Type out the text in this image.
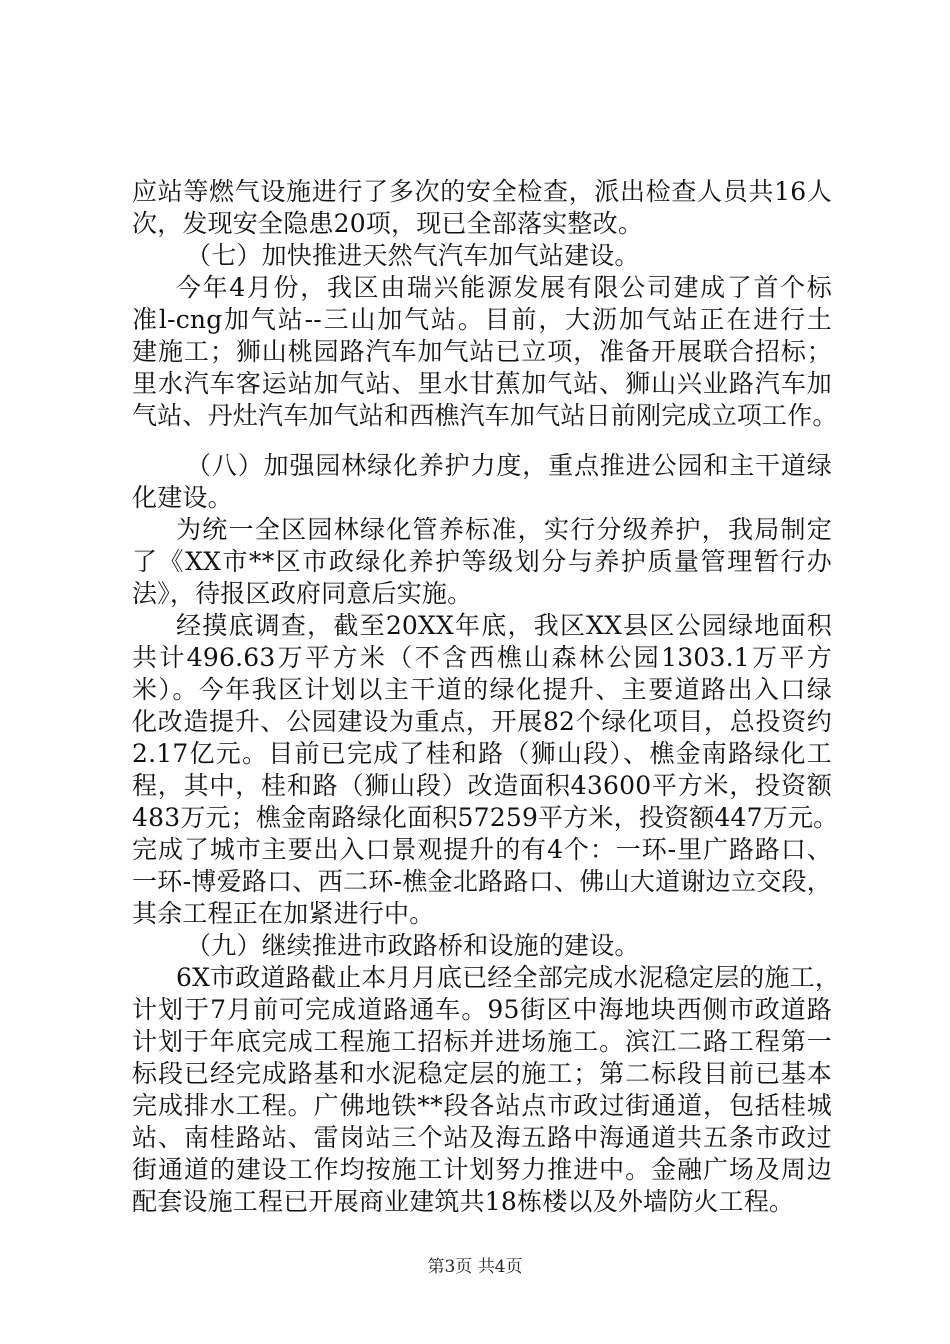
应站等燃气设施进行了多次的安全检查，派出检查人员共16人
次，发现安全隐患20项，现已全部落实整改。
（七）加快推进天然气汽车加气站建设。
今年4月份，我区由瑞兴能源发展有限公司建成了首个标
准l-cng加气站--三山加气站。目前，大沥加气站正在进行土
建施工；狮山桃园路汽车加气站已立项，准备开展联合招标；
里水汽车客运站加气站、里水甘蕉加气站、狮山兴业路汽车加
气站、丹灶汽车加气站和西樵汽车加气站日前刚完成立项工作。
（八）加强园林绿化养护力度，重点推进公园和主干道绿
化建设。
为统一全区园林绿化管养标准，实行分级养护，我局制定
了《XX市**区市政绿化养护等级划分与养护质量管理暂行办
法》，待报区政府同意后实施。
经摸底调查，截至20XX年底，我区XX县区公园绿地面积
共计496.63万平方米（不含西樵山森林公园1303.1万平方
米）。今年我区计划以主干道的绿化提升、主要道路出入口绿
化改造提升、公园建设为重点，开展82个绿化项目，总投资约
2.17亿元。目前已完成了桂和路（狮山段）、樵金南路绿化工
程，其中，桂和路（狮山段）改造面积43600平方米，投资额
483万元；樵金南路绿化面积57259平方米，投资额447万元。
完成了城市主要出入口景观提升的有4个：一环-里广路路口、
一环-博爱路口、西二环-樵金北路路口、佛山大道谢边立交段，
其余工程正在加紧进行中。
（九）继续推进市政路桥和设施的建设。
6X市政道路截止本月月底已经全部完成水泥稳定层的施工，
计划于7月前可完成道路通车。95街区中海地块西侧市政道路
计划于年底完成工程施工招标并进场施工。滨江二路工程第一
标段已经完成路基和水泥稳定层的施工；第二标段目前已基本
完成排水工程。广佛地铁**段各站点市政过街通道，包括桂城
站、南桂路站、雷岗站三个站及海五路中海通道共五条市政过
街通道的建设工作均按施工计划努力推进中。金融广场及周边
配套设施工程已开展商业建筑共18栋楼以及外墙防火工程。
第3页 共4页
